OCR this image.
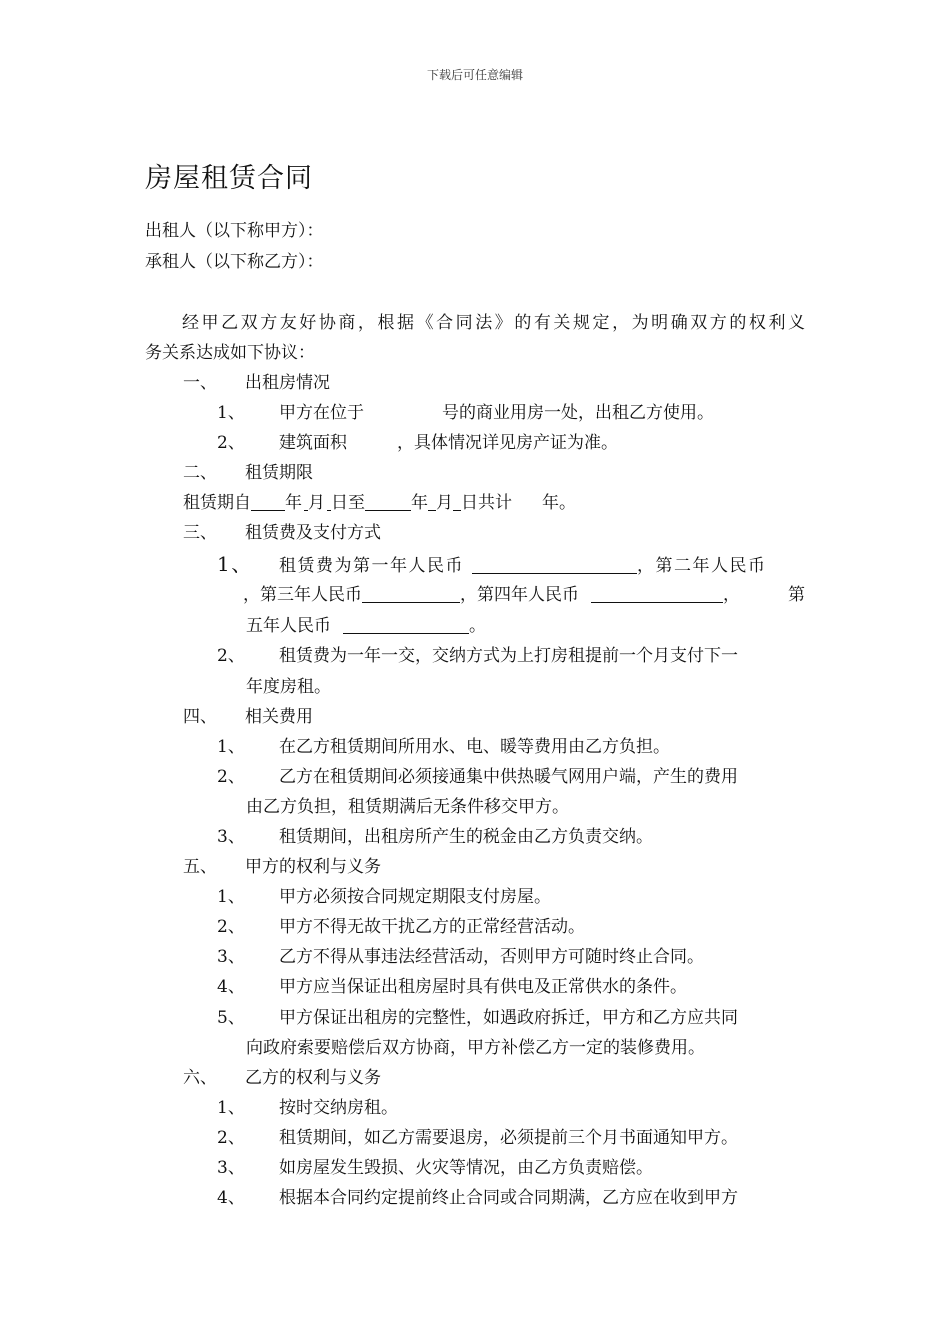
下载后可任意编辑
房屋租赁合同
出租人（以下称甲方）：
承租人（以下称乙方）：
经甲乙双方友好协商，根据《合同法》的有关规定，为明确双方的权利义
务关系达成如下协议：
一、 出租房情况
1、 甲方在位于	号的商业用房一处，出租乙方使用。
2、 建筑面积	，具体情况详见房产证为准。
二、 租赁期限
租赁期自 年 月 日至	年 月 日共计 年。
三、 租赁费及支付方式
1、 租赁费为第一年人民币	，第二年人民币
，第三年人民币	，第四年人民币	，	第
五年人民币	。
2、 租赁费为一年一交，交纳方式为上打房租提前一个月支付下一
年度房租。
四、 相关费用
1、 在乙方租赁期间所用水、电、暖等费用由乙方负担。
2、 乙方在租赁期间必须接通集中供热暖气网用户端，产生的费用
由乙方负担，租赁期满后无条件移交甲方。
3、 租赁期间，出租房所产生的税金由乙方负责交纳。
五、 甲方的权利与义务
1、 甲方必须按合同规定期限支付房屋。
2、 甲方不得无故干扰乙方的正常经营活动。
3、 乙方不得从事违法经营活动，否则甲方可随时终止合同。
4、 甲方应当保证出租房屋时具有供电及正常供水的条件。
5、 甲方保证出租房的完整性，如遇政府拆迁，甲方和乙方应共同
向政府索要赔偿后双方协商，甲方补偿乙方一定的装修费用。
六、 乙方的权利与义务
1、 按时交纳房租。
2、 租赁期间，如乙方需要退房，必须提前三个月书面通知甲方。
3、 如房屋发生毁损、火灾等情况，由乙方负责赔偿。
4、 根据本合同约定提前终止合同或合同期满，乙方应在收到甲方
